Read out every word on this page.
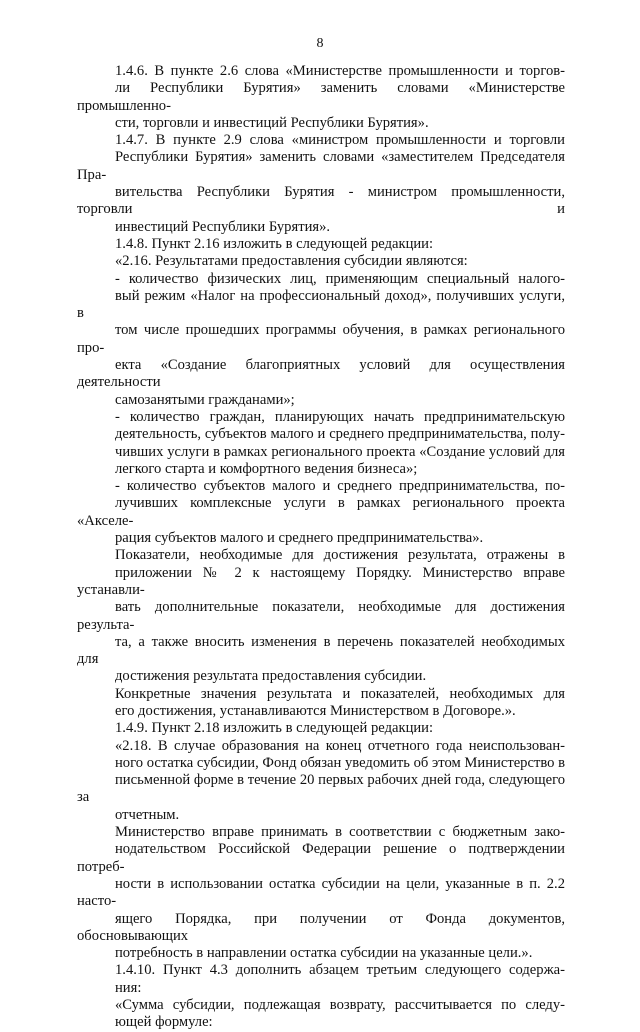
8

1.4.6. В пункте 2.6 слова «Министерстве промышленности и торгов-
ли Республики Бурятия» заменить словами «Министерстве промышленно-
сти, торговли и инвестиций Республики Бурятия».

1.4.7. В пункте 2.9 слова «министром промышленности и торговли
Республики Бурятия» заменить словами «заместителем Председателя Пра-
вительства Республики Бурятия - министром промышленности, торговли и
инвестиций Республики Бурятия».

1.4.8. Пункт 2.16 изложить в следующей редакции:

«2.16. Результатами предоставления субсидии являются:

- количество физических лиц, применяющим специальный налого-
вый режим «Налог на профессиональный доход», получивших услуги, в
том числе прошедших программы обучения, в рамках регионального про-
екта «Создание благоприятных условий для осуществления деятельности
самозанятыми гражданами»;

- количество граждан, планирующих начать предпринимательскую
деятельность, субъектов малого и среднего предпринимательства, полу-
чивших услуги в рамках регионального проекта «Создание условий для
легкого старта и комфортного ведения бизнеса»;

- количество субъектов малого и среднего предпринимательства, по-
лучивших комплексные услуги в рамках регионального проекта «Акселе-
рация субъектов малого и среднего предпринимательства».

Показатели, необходимые для достижения результата, отражены в
приложении № 2 к настоящему Порядку. Министерство вправе устанавли-
вать дополнительные показатели, необходимые для достижения результа-
та, а также вносить изменения в перечень показателей необходимых для
достижения результата предоставления субсидии.

Конкретные значения результата и показателей, необходимых для
его достижения, устанавливаются Министерством в Договоре.».

1.4.9. Пункт 2.18 изложить в следующей редакции:

«2.18. В случае образования на конец отчетного года неиспользован-
ного остатка субсидии, Фонд обязан уведомить об этом Министерство в
письменной форме в течение 20 первых рабочих дней года, следующего за
отчетным.

Министерство вправе принимать в соответствии с бюджетным зако-
нодательством Российской Федерации решение о подтверждении потреб-
ности в использовании остатка субсидии на цели, указанные в п. 2.2 насто-
ящего Порядка, при получении от Фонда документов, обосновывающих
потребность в направлении остатка субсидии на указанные цели.».

1.4.10. Пункт 4.3 дополнить абзацем третьим следующего содержа-
ния:

«Сумма субсидии, подлежащая возврату, рассчитывается по следу-
ющей формуле:
